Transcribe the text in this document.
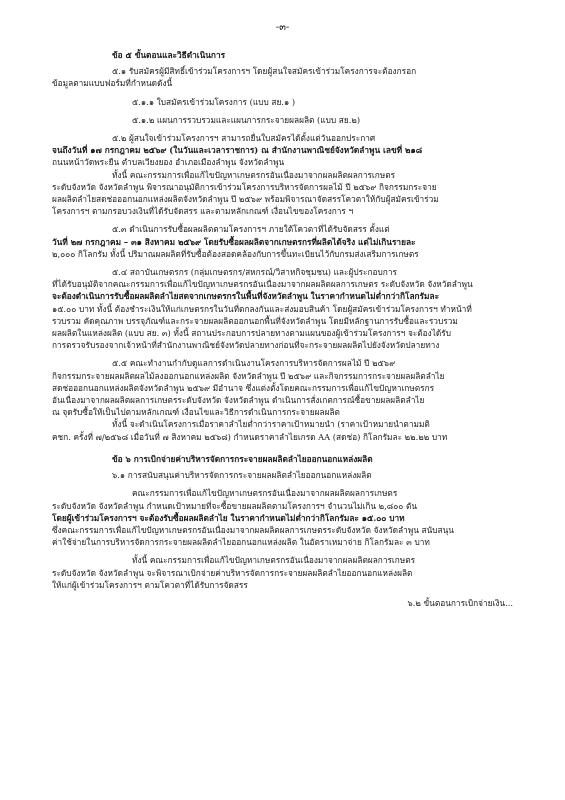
-๓-
ข้อ ๕ ขั้นตอนและวิธีดำเนินการ
๕.๑ รับสมัครผู้มีสิทธิ์เข้าร่วมโครงการฯ โดยผู้สนใจสมัครเข้าร่วมโครงการจะต้องกรอก
ข้อมูลตามแบบฟอร์มที่กำหนดดังนี้
๕.๑.๑ ใบสมัครเข้าร่วมโครงการ (แบบ สย.๑ )
๕.๑.๒ แผนการรวบรวมและแผนการกระจายผลผลิต (แบบ สย.๒)
๕.๒ ผู้สนใจเข้าร่วมโครงการฯ สามารถยื่นใบสมัครได้ตั้งแต่วันออกประกาศ
จนถึงวันที่ ๑๗ กรกฎาคม ๒๕๖๙ (ในวันและเวลาราชการ) ณ สำนักงานพาณิชย์จังหวัดลำพูน เลขที่ ๒๑๘
ถนนหน้าวัดพระยืน ตำบลเวียงยอง อำเภอเมืองลำพูน จังหวัดลำพูน
ทั้งนี้ คณะกรรมการเพื่อแก้ไขปัญหาเกษตรกรอันเนื่องมาจากผลผลิตผลการเกษตร
ระดับจังหวัด จังหวัดลำพูน พิจารณาอนุมัติการเข้าร่วมโครงการบริหารจัดการผลไม้ ปี ๒๕๖๙ กิจกรรมกระจาย
ผลผลิตลำไยสดช่อออกนอกแหล่งผลิตจังหวัดลำพูน ปี ๒๕๖๙ พร้อมพิจารณาจัดสรรโควตาให้กับผู้สมัครเข้าร่วม
โครงการฯ ตามกรอบวงเงินที่ได้รับจัดสรร และตามหลักเกณฑ์ เงื่อนไขของโครงการ ฯ
๕.๓ ดำเนินการรับซื้อผลผลิตตามโครงการฯ ภายใต้โควตาที่ได้รับจัดสรร ตั้งแต่
วันที่ ๒๗ กรกฎาคม – ๓๑ สิงหาคม ๒๕๖๙ โดยรับซื้อผลผลิตจากเกษตรกรที่ผลิตได้จริง แต่ไม่เกินรายละ
๒,๐๐๐ กิโลกรัม ทั้งนี้ ปริมาณผลผลิตที่รับซื้อต้องสอดคล้องกับการขึ้นทะเบียนไว้กับกรมส่งเสริมการเกษตร
๕.๔ สถาบันเกษตรกร (กลุ่มเกษตรกร/สหกรณ์/วิสาหกิจชุมชน) และผู้ประกอบการ
ที่ได้รับอนุมัติจากคณะกรรมการเพื่อแก้ไขปัญหาเกษตรกรอันเนื่องมาจากผลผลิตผลการเกษตร ระดับจังหวัด จังหวัดลำพูน
จะต้องดำเนินการรับซื้อผลผลิตลำไยสดจากเกษตรกรในพื้นที่จังหวัดลำพูน ในราคากำหนดไม่ต่ำกว่ากิโลกรัมละ
๑๕.๐๐ บาท ทั้งนี้ ต้องชำระเงินให้แก่เกษตรกรในวันที่ตกลงกันและส่งมอบสินค้า โดยผู้สมัครเข้าร่วมโครงการฯ ทำหน้าที่
รวบรวม คัดคุณภาพ บรรจุภัณฑ์และกระจายผลผลิตออกนอกพื้นที่จังหวัดลำพูน โดยมีหลักฐานการรับซื้อและรวบรวม
ผลผลิตในแหล่งผลิต (แบบ สย. ๓) ทั้งนี้ สถานประกอบการปลายทางตามแผนของผู้เข้าร่วมโครงการฯ จะต้องได้รับ
การตรวจรับรองจากเจ้าหน้าที่สำนักงานพาณิชย์จังหวัดปลายทางก่อนที่จะกระจายผลผลิตไปยังจังหวัดปลายทาง
๕.๕ คณะทำงานกำกับดูแลการดำเนินงานโครงการบริหารจัดการผลไม้ ปี ๒๕๖๙
กิจกรรมกระจายผลผลิตผลไม้ลงออกนอกแหล่งผลิต จังหวัดลำพูน ปี ๒๕๖๙ และกิจกรรมการกระจายผลผลิตลำไย
สดช่อออกนอกแหล่งผลิตจังหวัดลำพูน ๒๕๖๙ มีอำนาจ ซึ่งแต่งตั้งโดยคณะกรรมการเพื่อแก้ไขปัญหาเกษตรกร
อันเนื่องมาจากผลผลิตผลการเกษตรระดับจังหวัด จังหวัดลำพูน ดำเนินการสั่งเกตการณ์ซื้อขายผลผลิตลำไย
ณ จุดรับซื้อให้เป็นไปตามหลักเกณฑ์ เงื่อนไขและวิธีการดำเนินการกระจายผลผลิต
ทั้งนี้ จะดำเนินโครงการเมื่อราคาลำไยต่ำกว่าราคาเป้าหมายนำ (ราคาเป้าหมายนำตามมติ
คชก. ครั้งที่ ๗/๒๕๖๘ เมื่อวันที่ ๗ สิงหาคม ๒๕๖๘) กำหนดราคาลำไยเกรด AA (สดช่อ) กิโลกรัมละ ๒๒.๒๒ บาท
ข้อ ๖ การเบิกจ่ายค่าบริหารจัดการกระจายผลผลิตลำไยออกนอกแหล่งผลิต
๖.๑ การสนับสนุนค่าบริหารจัดการกระจายผลผลิตลำไยออกนอกแหล่งผลิต
คณะกรรมการเพื่อแก้ไขปัญหาเกษตรกรอันเนื่องมาจากผลผลิตผลการเกษตร
ระดับจังหวัด จังหวัดลำพูน กำหนดเป้าหมายที่จะซื้อขายผลผลิตตามโครงการฯ จำนวนไม่เกิน ๒,๘๐๐ ตัน
โดยผู้เข้าร่วมโครงการฯ จะต้องรับซื้อผลผลิตลำไย ในราคากำหนดไม่ต่ำกว่ากิโลกรัมละ ๑๕.๐๐ บาท
ซึ่งคณะกรรมการเพื่อแก้ไขปัญหาเกษตรกรอันเนื่องมาจากผลผลิตผลการเกษตรระดับจังหวัด จังหวัดลำพูน สนับสนุน
ค่าใช้จ่ายในการบริหารจัดการกระจายผลผลิตลำไยออกนอกแหล่งผลิต ในอัตราเหมาจ่าย กิโลกรัมละ ๓ บาท
ทั้งนี้ คณะกรรมการเพื่อแก้ไขปัญหาเกษตรกรอันเนื่องมาจากผลผลิตผลการเกษตร
ระดับจังหวัด จังหวัดลำพูน จะพิจารณาเบิกจ่ายค่าบริหารจัดการกระจายผลผลิตลำไยออกนอกแหล่งผลิต
ให้แก่ผู้เข้าร่วมโครงการฯ ตามโควตาที่ได้รับการจัดสรร
๖.๒ ขั้นตอนการเบิกจ่ายเงิน...
